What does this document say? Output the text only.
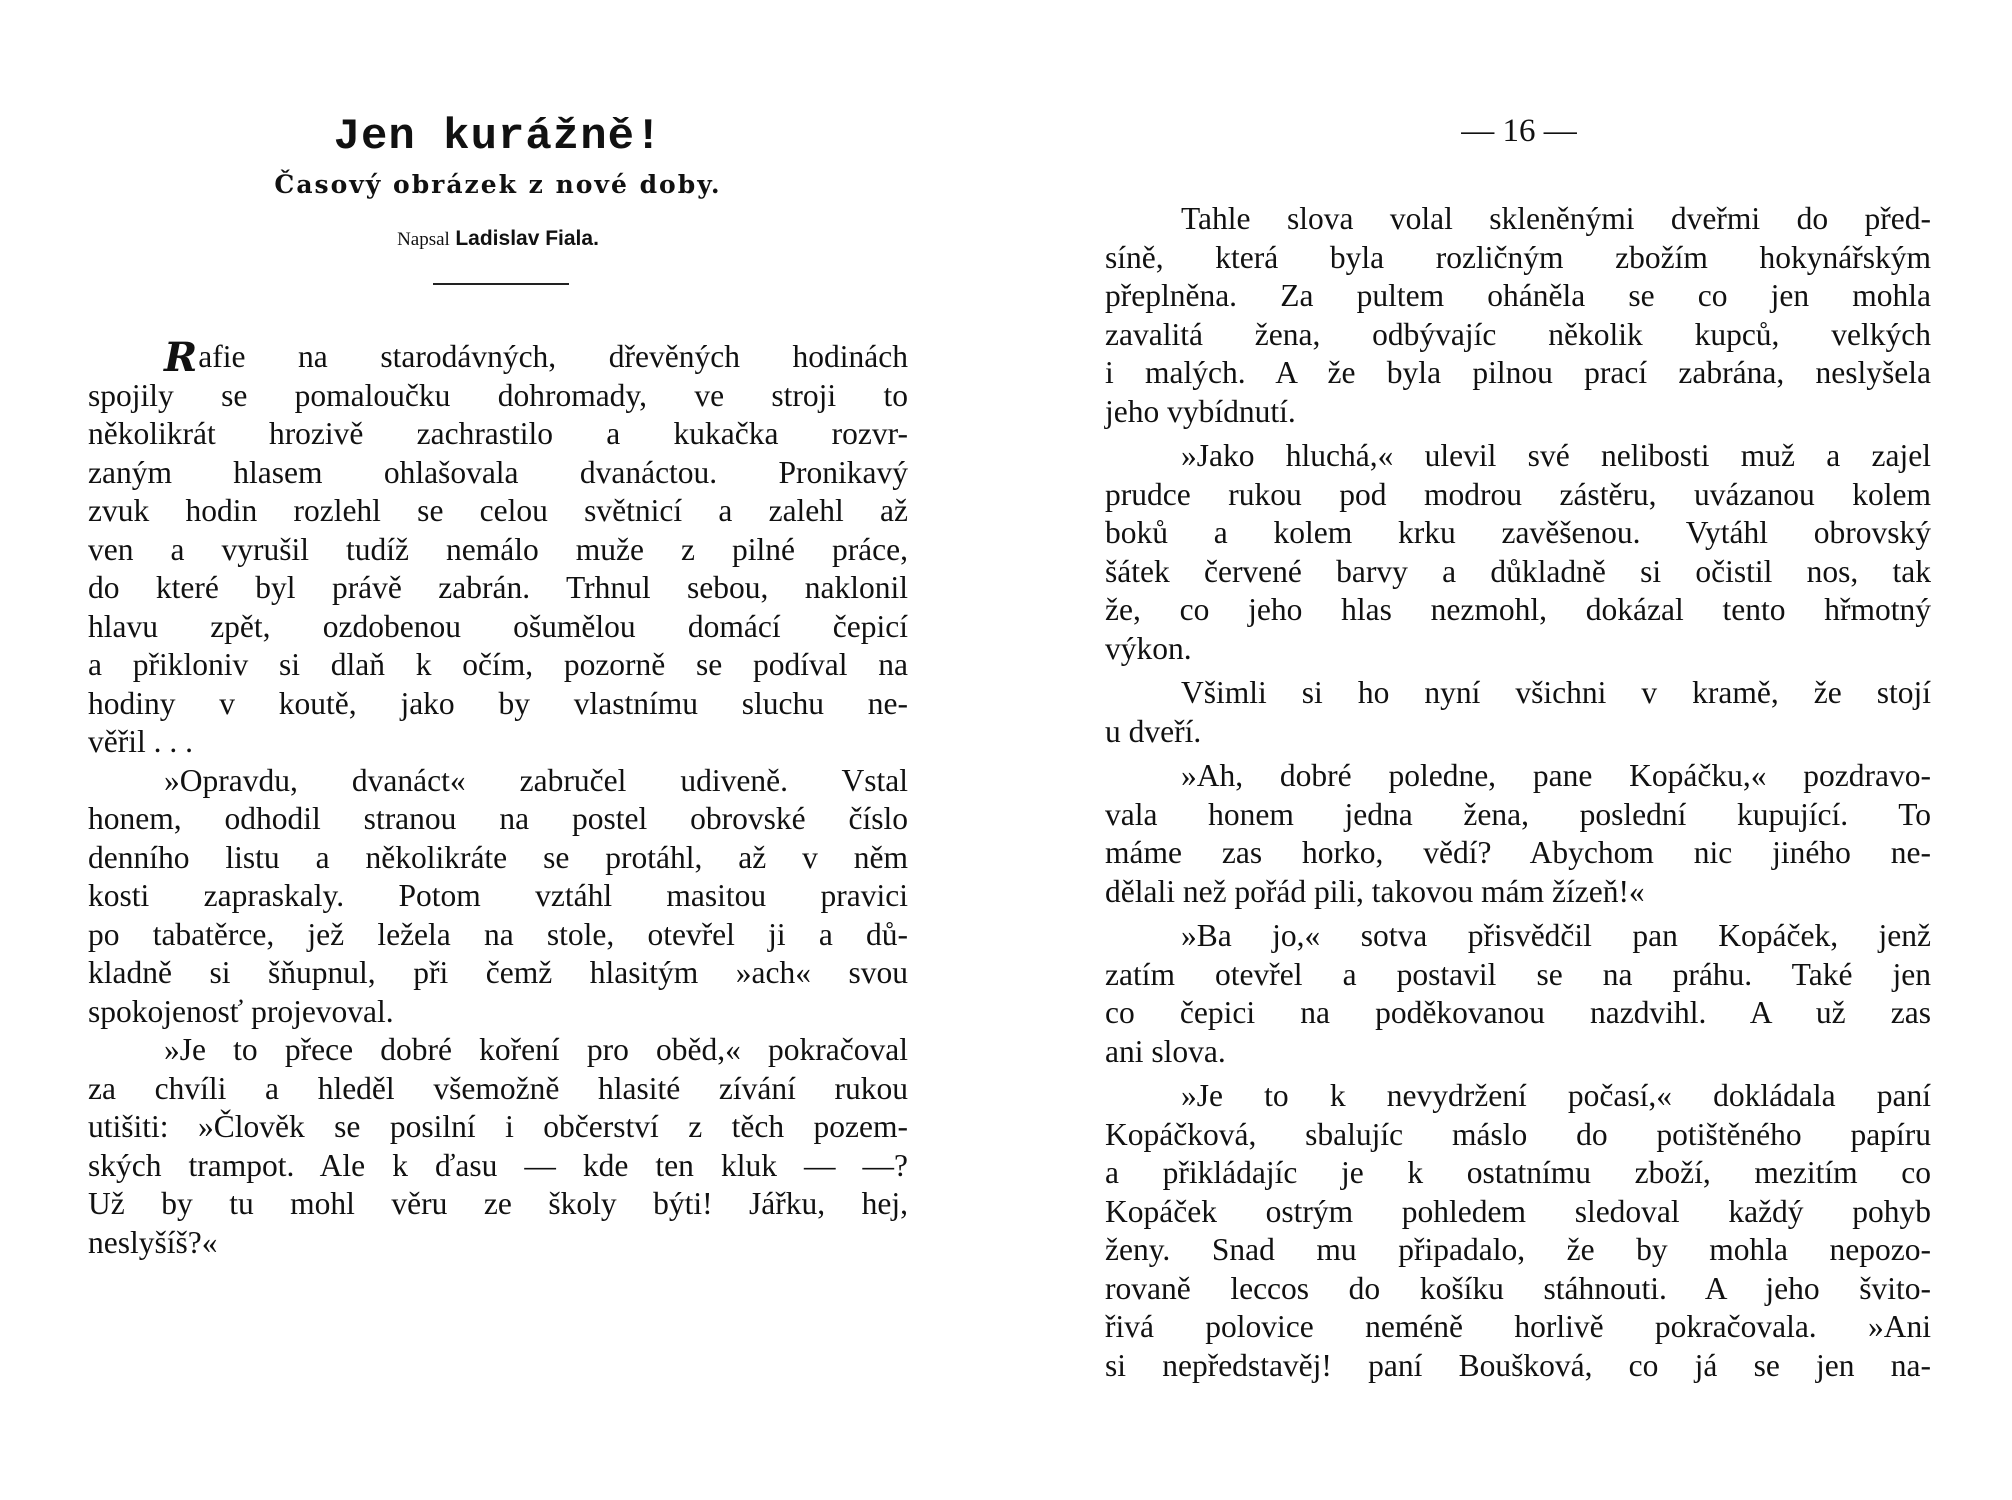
Jen kurážně!
Časový obrázek z nové doby.
Napsal Ladislav Fiala.
Rafie na starodávných, dřevěných hodinách
spojily se pomaloučku dohromady, ve stroji to
několikrát hrozivě zachrastilo a kukačka rozvr-
zaným hlasem ohlašovala dvanáctou. Pronikavý
zvuk hodin rozlehl se celou světnicí a zalehl až
ven a vyrušil tudíž nemálo muže z pilné práce,
do které byl právě zabrán. Trhnul sebou, naklonil
hlavu zpět, ozdobenou ošumělou domácí čepicí
a přikloniv si dlaň k očím, pozorně se podíval na
hodiny v koutě, jako by vlastnímu sluchu ne-
věřil . . .
»Opravdu, dvanáct« zabručel udiveně. Vstal
honem, odhodil stranou na postel obrovské číslo
denního listu a několikráte se protáhl, až v něm
kosti zapraskaly. Potom vztáhl masitou pravici
po tabatěrce, jež ležela na stole, otevřel ji a dů-
kladně si šňupnul, při čemž hlasitým »ach« svou
spokojenosť projevoval.
»Je to přece dobré koření pro oběd,« pokračoval
za chvíli a hleděl všemožně hlasité zívání rukou
utišiti: »Člověk se posilní i občerství z těch pozem-
ských trampot. Ale k ďasu — kde ten kluk — —?
Už by tu mohl věru ze školy býti! Jářku, hej,
neslyšíš?«
— 16 —
Tahle slova volal skleněnými dveřmi do před-
síně, která byla rozličným zbožím hokynářským
přeplněna. Za pultem oháněla se co jen mohla
zavalitá žena, odbývajíc několik kupců, velkých
i malých. A že byla pilnou prací zabrána, neslyšela
jeho vybídnutí.
»Jako hluchá,« ulevil své nelibosti muž a zajel
prudce rukou pod modrou zástěru, uvázanou kolem
boků a kolem krku zavěšenou. Vytáhl obrovský
šátek červené barvy a důkladně si očistil nos, tak
že, co jeho hlas nezmohl, dokázal tento hřmotný
výkon.
Všimli si ho nyní všichni v kramě, že stojí
u dveří.
»Ah, dobré poledne, pane Kopáčku,« pozdravo-
vala honem jedna žena, poslední kupující. To
máme zas horko, vědí? Abychom nic jiného ne-
dělali než pořád pili, takovou mám žízeň!«
»Ba jo,« sotva přisvědčil pan Kopáček, jenž
zatím otevřel a postavil se na práhu. Také jen
co čepici na poděkovanou nazdvihl. A už zas
ani slova.
»Je to k nevydržení počasí,« dokládala paní
Kopáčková, sbalujíc máslo do potištěného papíru
a přikládajíc je k ostatnímu zboží, mezitím co
Kopáček ostrým pohledem sledoval každý pohyb
ženy. Snad mu připadalo, že by mohla nepozo-
rovaně leccos do košíku stáhnouti. A jeho švito-
řivá polovice neméně horlivě pokračovala. »Ani
si nepředstavěj! paní Boušková, co já se jen na-
